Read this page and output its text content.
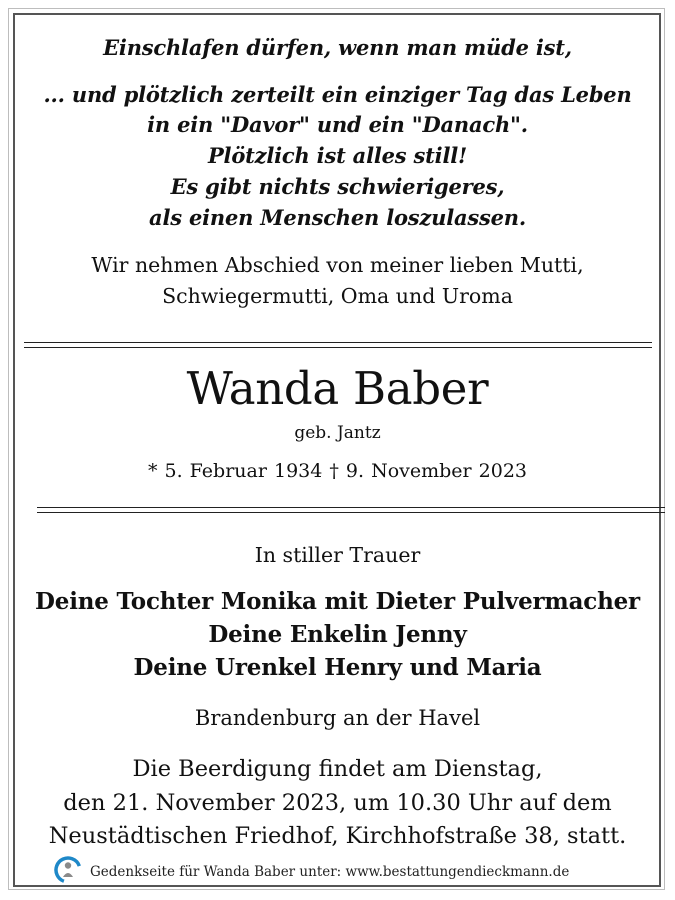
Einschlafen dürfen, wenn man müde ist,
... und plötzlich zerteilt ein einziger Tag das Leben
in ein "Davor" und ein "Danach".
Plötzlich ist alles still!
Es gibt nichts schwierigeres,
als einen Menschen loszulassen.
Wir nehmen Abschied von meiner lieben Mutti,
Schwiegermutti, Oma und Uroma
Wanda Baber
geb. Jantz
* 5. Februar 1934 † 9. November 2023
In stiller Trauer
Deine Tochter Monika mit Dieter Pulvermacher
Deine Enkelin Jenny
Deine Urenkel Henry und Maria
Brandenburg an der Havel
Die Beerdigung findet am Dienstag,
den 21. November 2023, um 10.30 Uhr auf dem
Neustädtischen Friedhof, Kirchhofstraße 38, statt.
Gedenkseite für Wanda Baber unter: www.bestattungendieckmann.de
